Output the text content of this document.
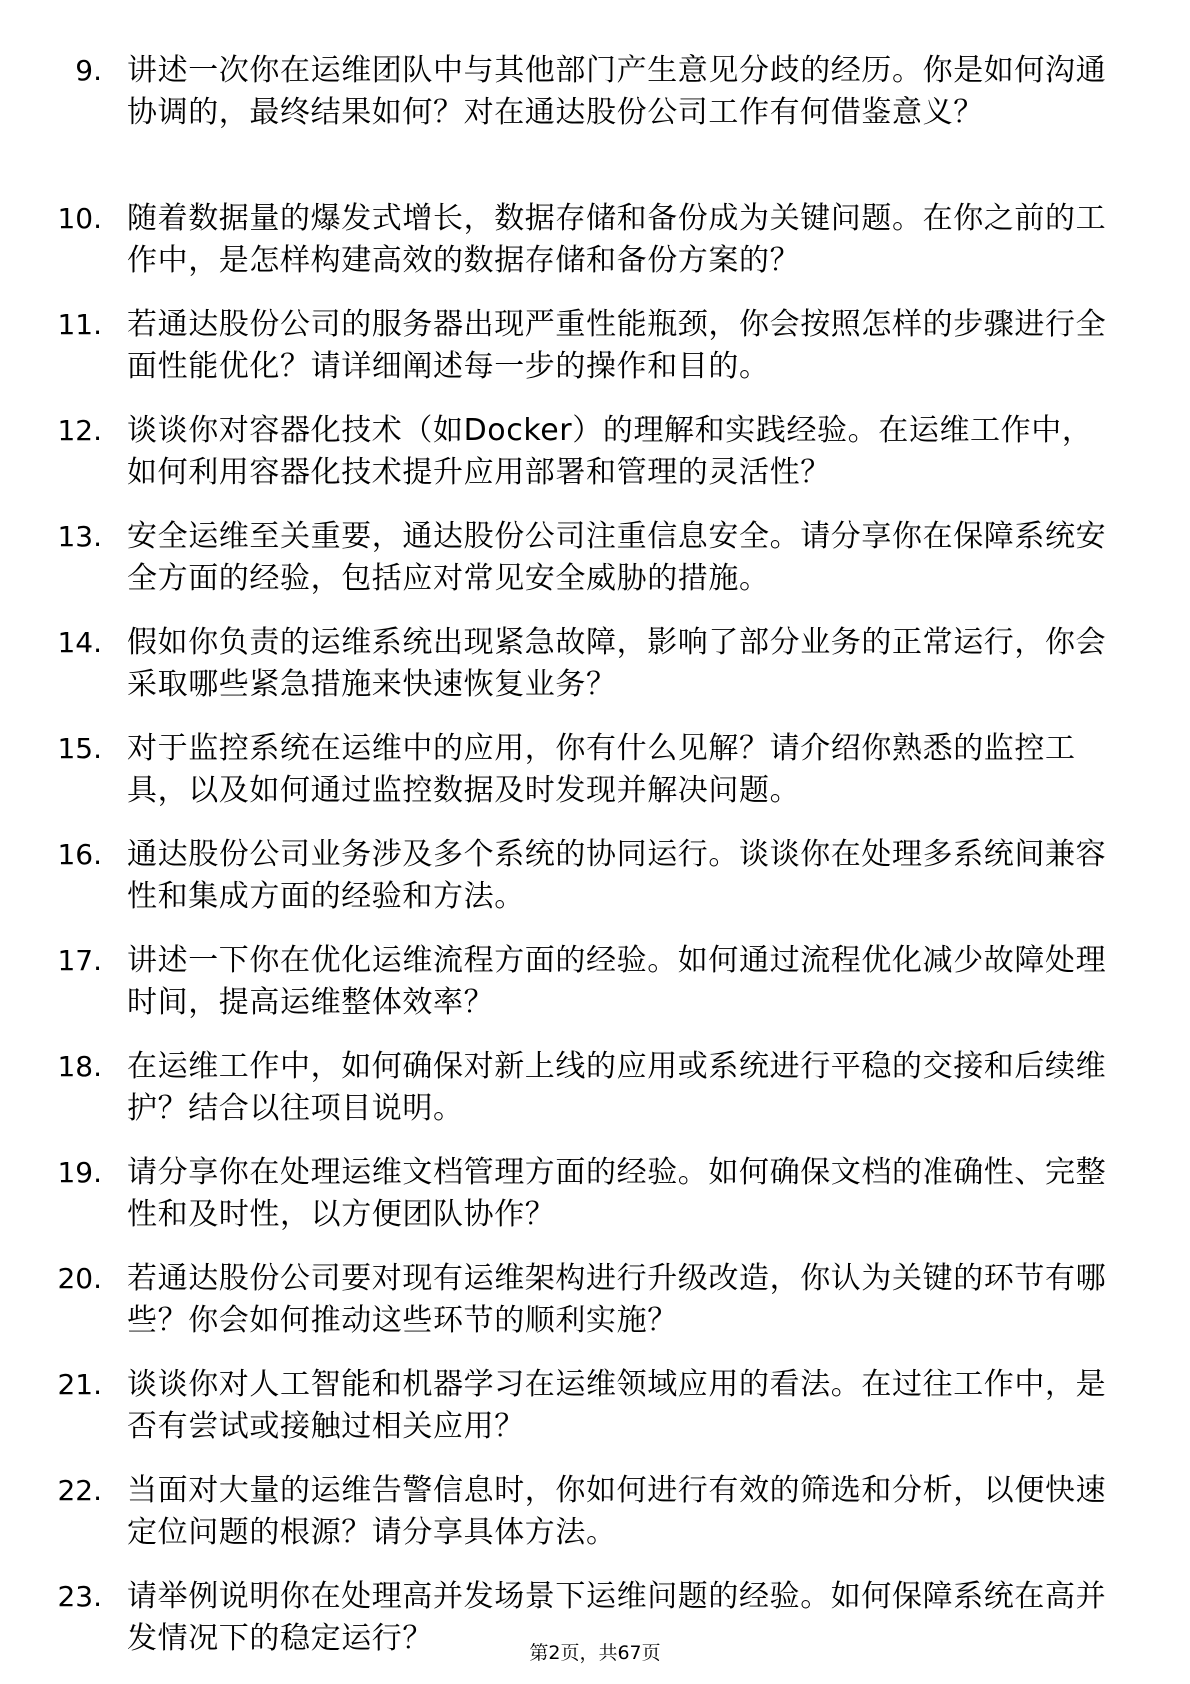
9. 讲述一次你在运维团队中与其他部门产生意见分歧的经历。你是如何沟通协调的，最终结果如何？对在通达股份公司工作有何借鉴意义？
10. 随着数据量的爆发式增长，数据存储和备份成为关键问题。在你之前的工作中，是怎样构建高效的数据存储和备份方案的？
11. 若通达股份公司的服务器出现严重性能瓶颈，你会按照怎样的步骤进行全面性能优化？请详细阐述每一步的操作和目的。
12. 谈谈你对容器化技术（如Docker）的理解和实践经验。在运维工作中，如何利用容器化技术提升应用部署和管理的灵活性？
13. 安全运维至关重要，通达股份公司注重信息安全。请分享你在保障系统安全方面的经验，包括应对常见安全威胁的措施。
14. 假如你负责的运维系统出现紧急故障，影响了部分业务的正常运行，你会采取哪些紧急措施来快速恢复业务？
15. 对于监控系统在运维中的应用，你有什么见解？请介绍你熟悉的监控工具，以及如何通过监控数据及时发现并解决问题。
16. 通达股份公司业务涉及多个系统的协同运行。谈谈你在处理多系统间兼容性和集成方面的经验和方法。
17. 讲述一下你在优化运维流程方面的经验。如何通过流程优化减少故障处理时间，提高运维整体效率？
18. 在运维工作中，如何确保对新上线的应用或系统进行平稳的交接和后续维护？结合以往项目说明。
19. 请分享你在处理运维文档管理方面的经验。如何确保文档的准确性、完整性和及时性，以方便团队协作？
20. 若通达股份公司要对现有运维架构进行升级改造，你认为关键的环节有哪些？你会如何推动这些环节的顺利实施？
21. 谈谈你对人工智能和机器学习在运维领域应用的看法。在过往工作中，是否有尝试或接触过相关应用？
22. 当面对大量的运维告警信息时，你如何进行有效的筛选和分析，以便快速定位问题的根源？请分享具体方法。
23. 请举例说明你在处理高并发场景下运维问题的经验。如何保障系统在高并发情况下的稳定运行？	第2页，共67页
